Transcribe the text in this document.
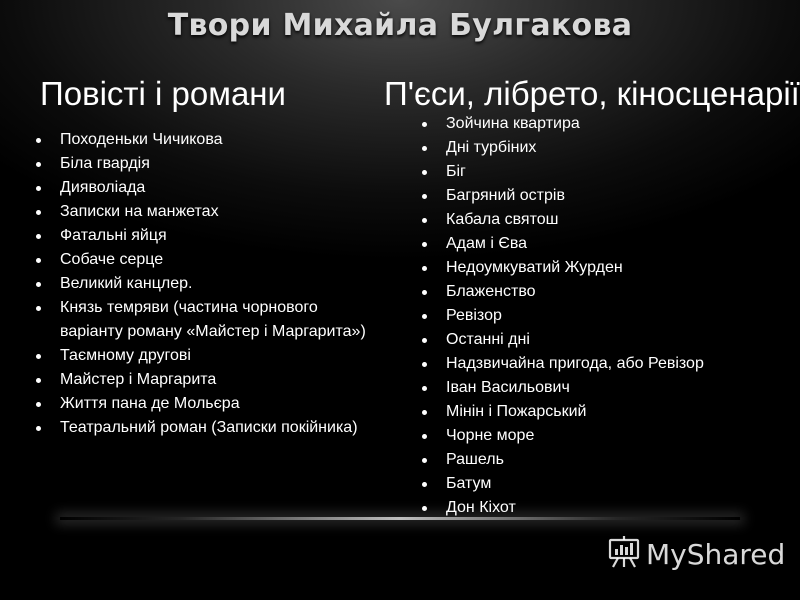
Твори Михайла Булгакова
Повісті і романи	П'єси, лібрето, кіносценарії
Походеньки Чичикова
Біла гвардія
Дияволіада
Записки на манжетах
Фатальні яйця
Собаче серце
Великий канцлер.
Князь темряви (частина чорнового варіанту роману «Майстер і Маргарита»)
Таємному другові
Майстер і Маргарита
Життя пана де Мольєра
Театральний роман (Записки покійника)
Зойчина квартира
Дні турбіних
Біг
Багряний острів
Кабала святош
Адам і Єва
Недоумкуватий Журден
Блаженство
Ревізор
Останні дні
Надзвичайна пригода, або Ревізор
Іван Васильович
Мінін і Пожарський
Чорне море
Рашель
Батум
Дон Кіхот
MyShared
